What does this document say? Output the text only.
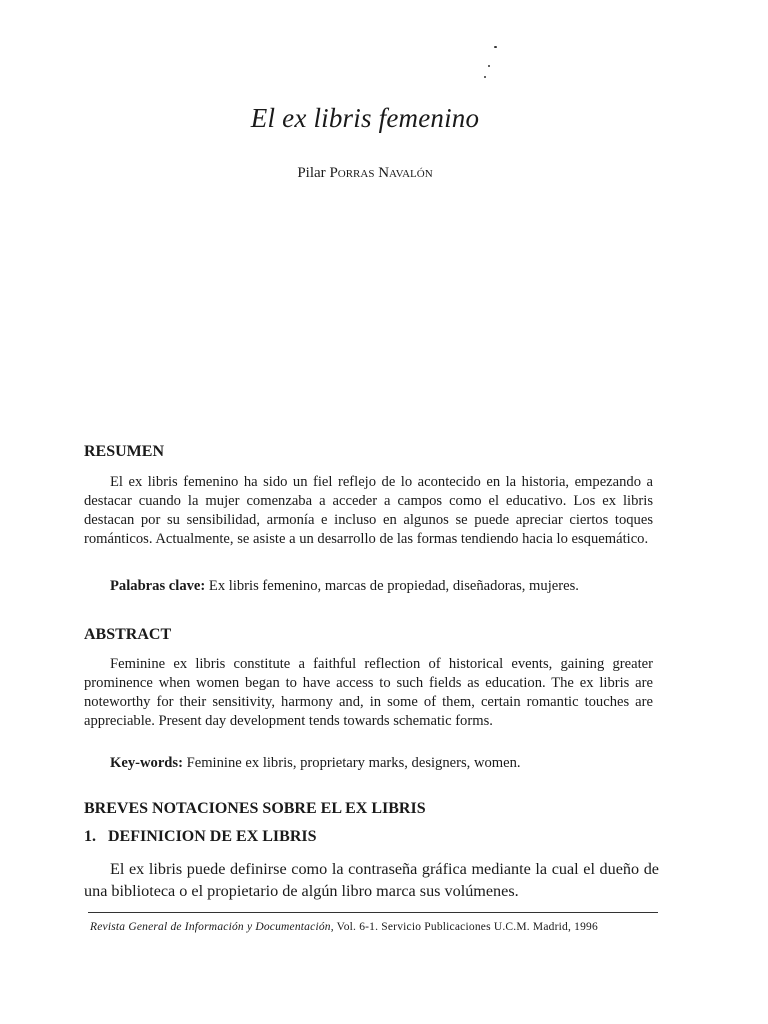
El ex libris femenino
Pilar Porras Navalón
RESUMEN

El ex libris femenino ha sido un fiel reflejo de lo acontecido en la historia, empezando a destacar cuando la mujer comenzaba a acceder a campos como el educativo. Los ex libris destacan por su sensibilidad, armonía e incluso en algunos se puede apreciar ciertos toques románticos. Actualmente, se asiste a un desarrollo de las formas tendiendo hacia lo esquemático.

Palabras clave: Ex libris femenino, marcas de propiedad, diseñadoras, mujeres.
ABSTRACT

Feminine ex libris constitute a faithful reflection of historical events, gaining greater prominence when women began to have access to such fields as education. The ex libris are noteworthy for their sensitivity, harmony and, in some of them, certain romantic touches are appreciable. Present day development tends towards schematic forms.

Key-words: Feminine ex libris, proprietary marks, designers, women.
BREVES NOTACIONES SOBRE EL EX LIBRIS
1.   DEFINICION DE EX LIBRIS

El ex libris puede definirse como la contraseña gráfica mediante la cual el dueño de una biblioteca o el propietario de algún libro marca sus volúmenes.

Revista General de Información y Documentación, Vol. 6-1. Servicio Publicaciones U.C.M. Madrid, 1996
